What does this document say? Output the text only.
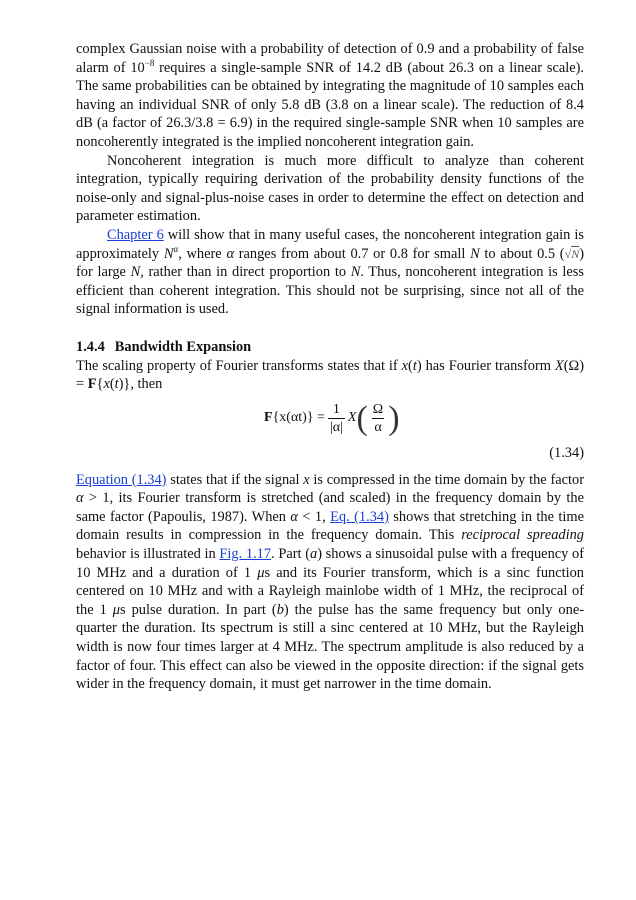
complex Gaussian noise with a probability of detection of 0.9 and a probability of false alarm of $10^{-8}$ requires a single-sample SNR of 14.2 dB (about 26.3 on a linear scale). The same probabilities can be obtained by integrating the magnitude of 10 samples each having an individual SNR of only 5.8 dB (3.8 on a linear scale). The reduction of 8.4 dB (a factor of 26.3/3.8 = 6.9) in the required single-sample SNR when 10 samples are noncoherently integrated is the implied noncoherent integration gain.

Noncoherent integration is much more difficult to analyze than coherent integration, typically requiring derivation of the probability density functions of the noise-only and signal-plus-noise cases in order to determine the effect on detection and parameter estimation.

Chapter 6 will show that in many useful cases, the noncoherent integration gain is approximately $N^\alpha$, where α ranges from about 0.7 or 0.8 for small N to about 0.5 (√N) for large N, rather than in direct proportion to N. Thus, noncoherent integration is less efficient than coherent integration. This should not be surprising, since not all of the signal information is used.

1.4.4 Bandwidth Expansion

The scaling property of Fourier transforms states that if x(t) has Fourier transform X(Ω) = F{x(t)}, then

F $\{x(\alpha t)\} = \frac{1}{|\alpha|}$ X ( $\frac{\Omega}{\alpha}$ )
(1.34)

Equation (1.34) states that if the signal x is compressed in the time domain by the factor α > 1, its Fourier transform is stretched (and scaled) in the frequency domain by the same factor (Papoulis, 1987). When α < 1, Eq. (1.34) shows that stretching in the time domain results in compression in the frequency domain. This reciprocal spreading behavior is illustrated in Fig. 1.17. Part (a) shows a sinusoidal pulse with a frequency of 10 MHz and a duration of 1 μs and its Fourier transform, which is a sinc function centered on 10 MHz and with a Rayleigh mainlobe width of 1 MHz, the reciprocal of the 1 μs pulse duration. In part (b) the pulse has the same frequency but only one-quarter the duration. Its spectrum is still a sinc centered at 10 MHz, but the Rayleigh width is now four times larger at 4 MHz. The spectrum amplitude is also reduced by a factor of four. This effect can also be viewed in the opposite direction: if the signal gets wider in the frequency domain, it must get narrower in the time domain.
